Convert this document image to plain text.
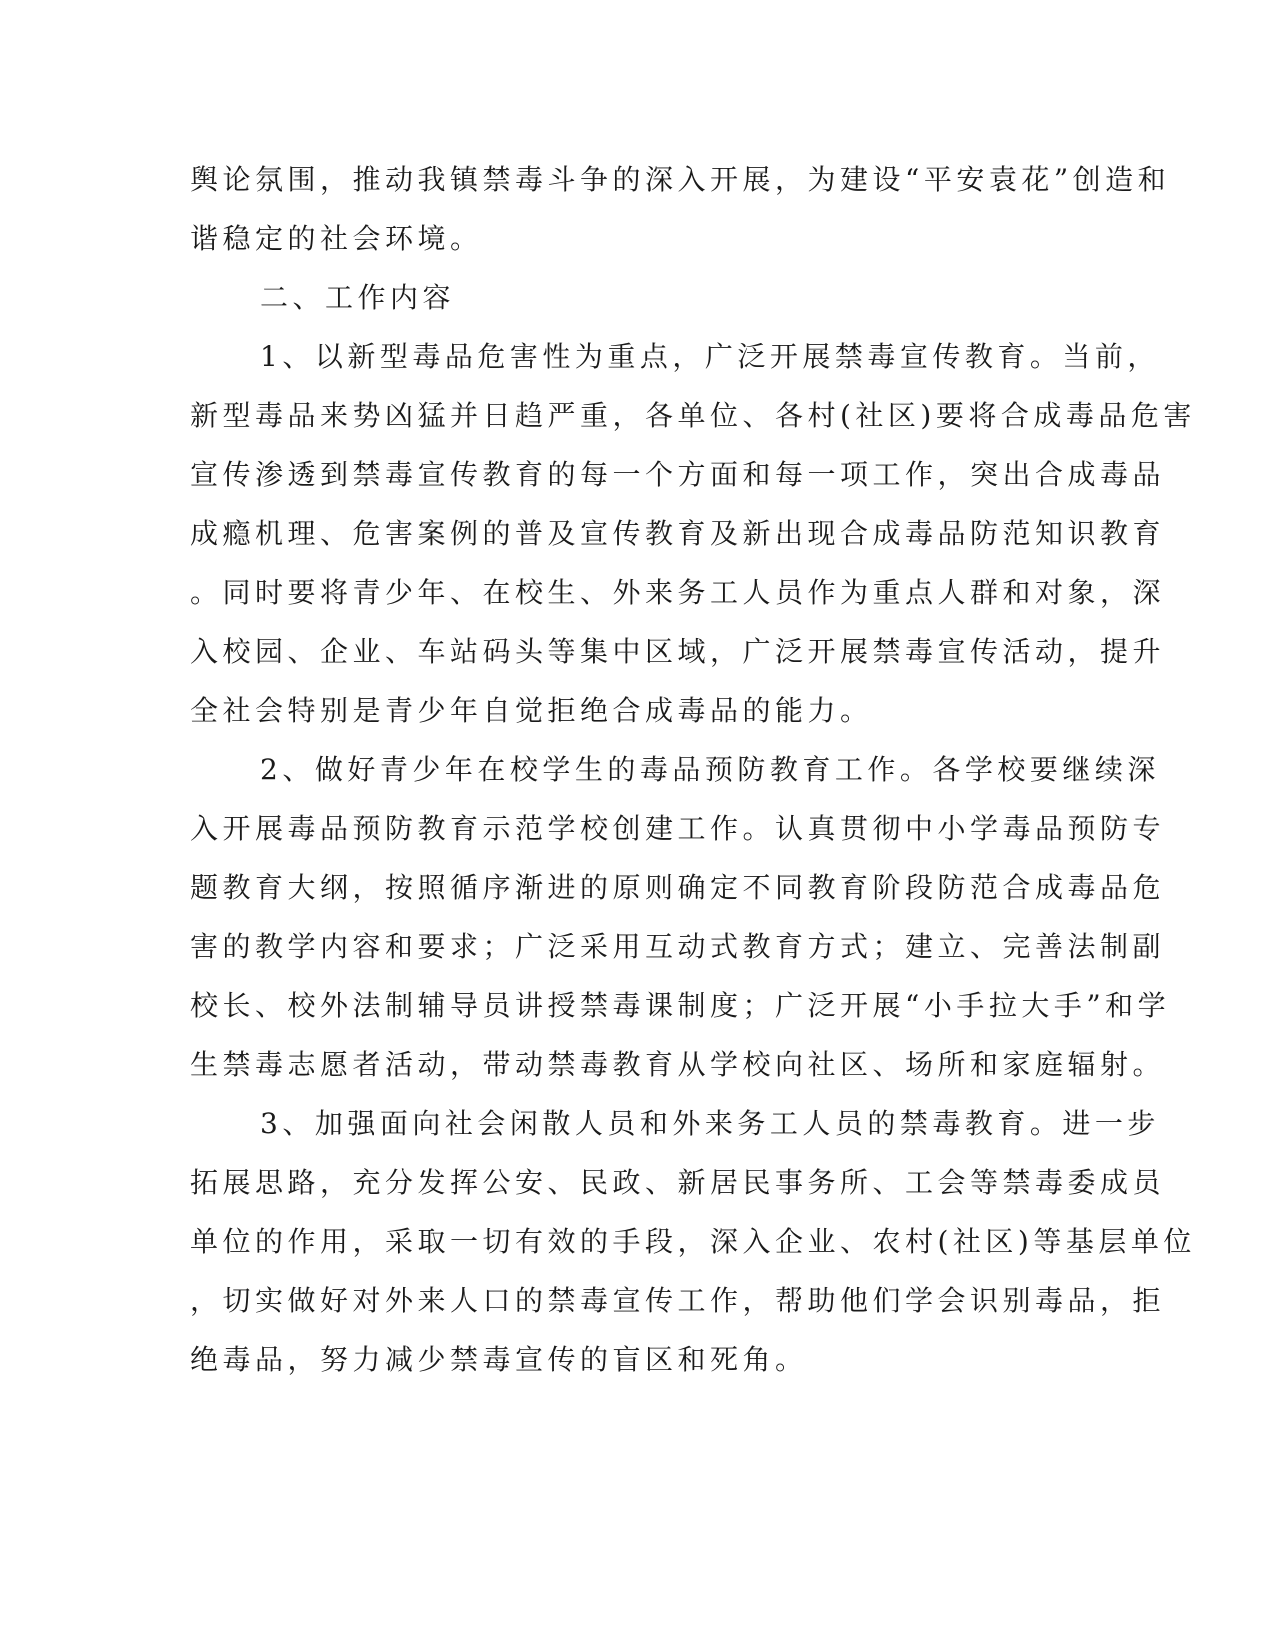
舆论氛围，推动我镇禁毒斗争的深入开展，为建设“平安袁花”创造和
谐稳定的社会环境。
二、工作内容
1、以新型毒品危害性为重点，广泛开展禁毒宣传教育。当前，
新型毒品来势凶猛并日趋严重，各单位、各村(社区)要将合成毒品危害
宣传渗透到禁毒宣传教育的每一个方面和每一项工作，突出合成毒品
成瘾机理、危害案例的普及宣传教育及新出现合成毒品防范知识教育
。同时要将青少年、在校生、外来务工人员作为重点人群和对象，深
入校园、企业、车站码头等集中区域，广泛开展禁毒宣传活动，提升
全社会特别是青少年自觉拒绝合成毒品的能力。
2、做好青少年在校学生的毒品预防教育工作。各学校要继续深
入开展毒品预防教育示范学校创建工作。认真贯彻中小学毒品预防专
题教育大纲，按照循序渐进的原则确定不同教育阶段防范合成毒品危
害的教学内容和要求；广泛采用互动式教育方式；建立、完善法制副
校长、校外法制辅导员讲授禁毒课制度；广泛开展“小手拉大手”和学
生禁毒志愿者活动，带动禁毒教育从学校向社区、场所和家庭辐射。
3、加强面向社会闲散人员和外来务工人员的禁毒教育。进一步
拓展思路，充分发挥公安、民政、新居民事务所、工会等禁毒委成员
单位的作用，采取一切有效的手段，深入企业、农村(社区)等基层单位
，切实做好对外来人口的禁毒宣传工作，帮助他们学会识别毒品，拒
绝毒品，努力减少禁毒宣传的盲区和死角。
